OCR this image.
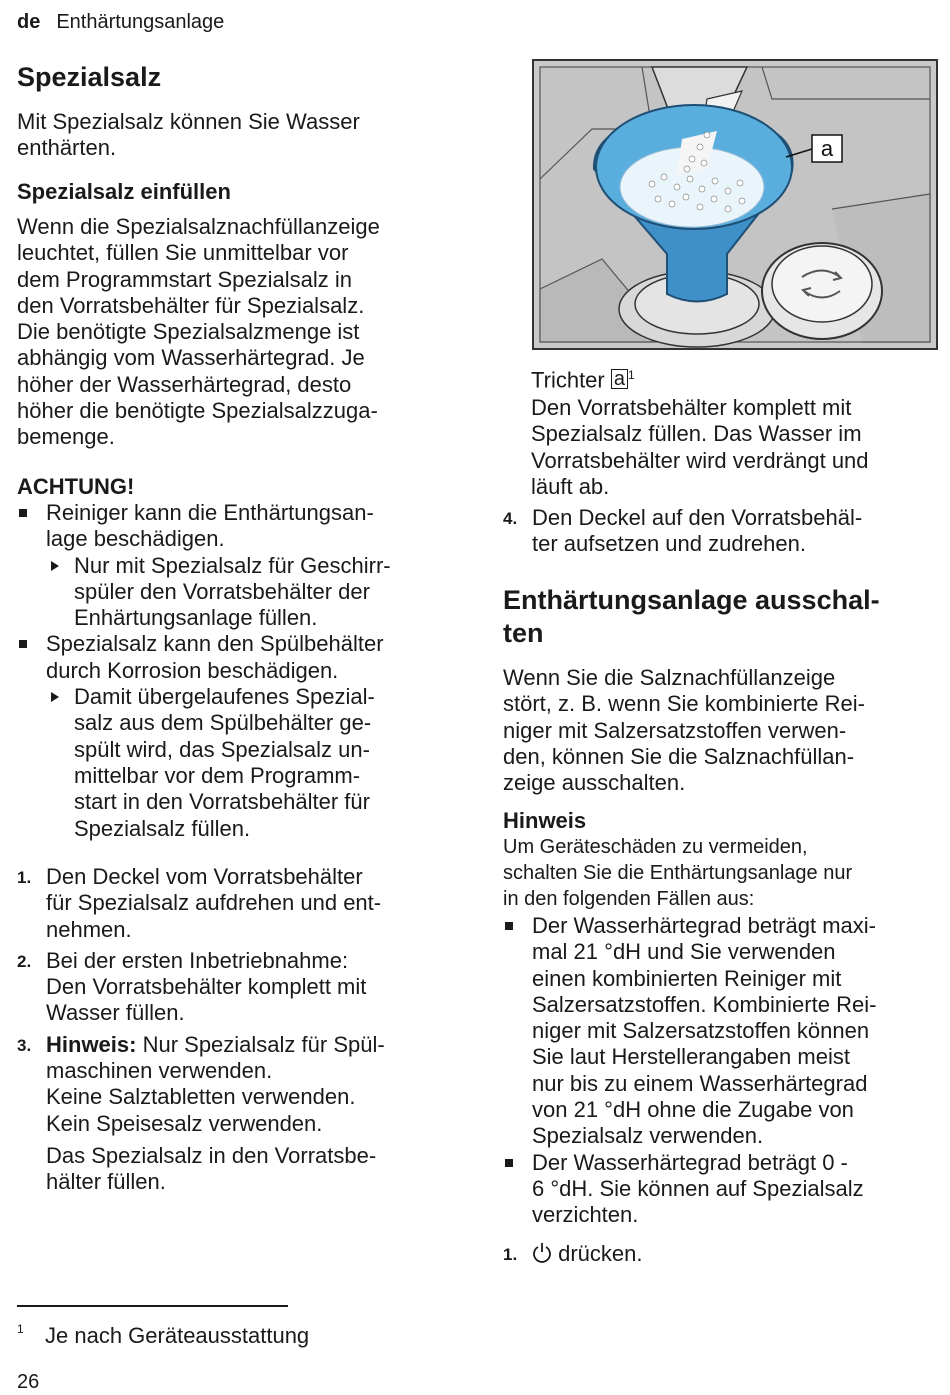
de Enthärtungsanlage
Spezialsalz
Mit Spezialsalz können Sie Wasser
enthärten.
Spezialsalz einfüllen
Wenn die Spezialsalznachfüllanzeige
leuchtet, füllen Sie unmittelbar vor
dem Programmstart Spezialsalz in
den Vorratsbehälter für Spezialsalz.
Die benötigte Spezialsalzmenge ist
abhängig vom Wasserhärtegrad. Je
höher der Wasserhärtegrad, desto
höher die benötigte Spezialsalzzuga-
bemenge.
ACHTUNG!
Reiniger kann die Enthärtungsan-
lage beschädigen.
Nur mit Spezialsalz für Geschirr-
spüler den Vorratsbehälter der
Enhärtungsanlage füllen.
Spezialsalz kann den Spülbehälter
durch Korrosion beschädigen.
Damit übergelaufenes Spezial-
salz aus dem Spülbehälter ge-
spült wird, das Spezialsalz un-
mittelbar vor dem Programm-
start in den Vorratsbehälter für
Spezialsalz füllen.
1. Den Deckel vom Vorratsbehälter
für Spezialsalz aufdrehen und ent-
nehmen.
2. Bei der ersten Inbetriebnahme:
Den Vorratsbehälter komplett mit
Wasser füllen.
3. Hinweis: Nur Spezialsalz für Spül-
maschinen verwenden.
Keine Salztabletten verwenden.
Kein Speisesalz verwenden.
Das Spezialsalz in den Vorratsbe-
hälter füllen.
a
Trichter a $^1$
Den Vorratsbehälter komplett mit
Spezialsalz füllen. Das Wasser im
Vorratsbehälter wird verdrängt und
läuft ab.
4. Den Deckel auf den Vorratsbehäl-
ter aufsetzen und zudrehen.
Enthärtungsanlage ausschal-
ten
Wenn Sie die Salznachfüllanzeige
stört, z. B. wenn Sie kombinierte Rei-
niger mit Salzersatzstoffen verwen-
den, können Sie die Salznachfüllan-
zeige ausschalten.
Hinweis
Um Geräteschäden zu vermeiden,
schalten Sie die Enthärtungsanlage nur
in den folgenden Fällen aus:
Der Wasserhärtegrad beträgt maxi-
mal 21 °dH und Sie verwenden
einen kombinierten Reiniger mit
Salzersatzstoffen. Kombinierte Rei-
niger mit Salzersatzstoffen können
Sie laut Herstellerangaben meist
nur bis zu einem Wasserhärtegrad
von 21 °dH ohne die Zugabe von
Spezialsalz verwenden.
Der Wasserhärtegrad beträgt 0 -
6 °dH. Sie können auf Spezialsalz
verzichten.
1. drücken.
1 Je nach Geräteausstattung
26
